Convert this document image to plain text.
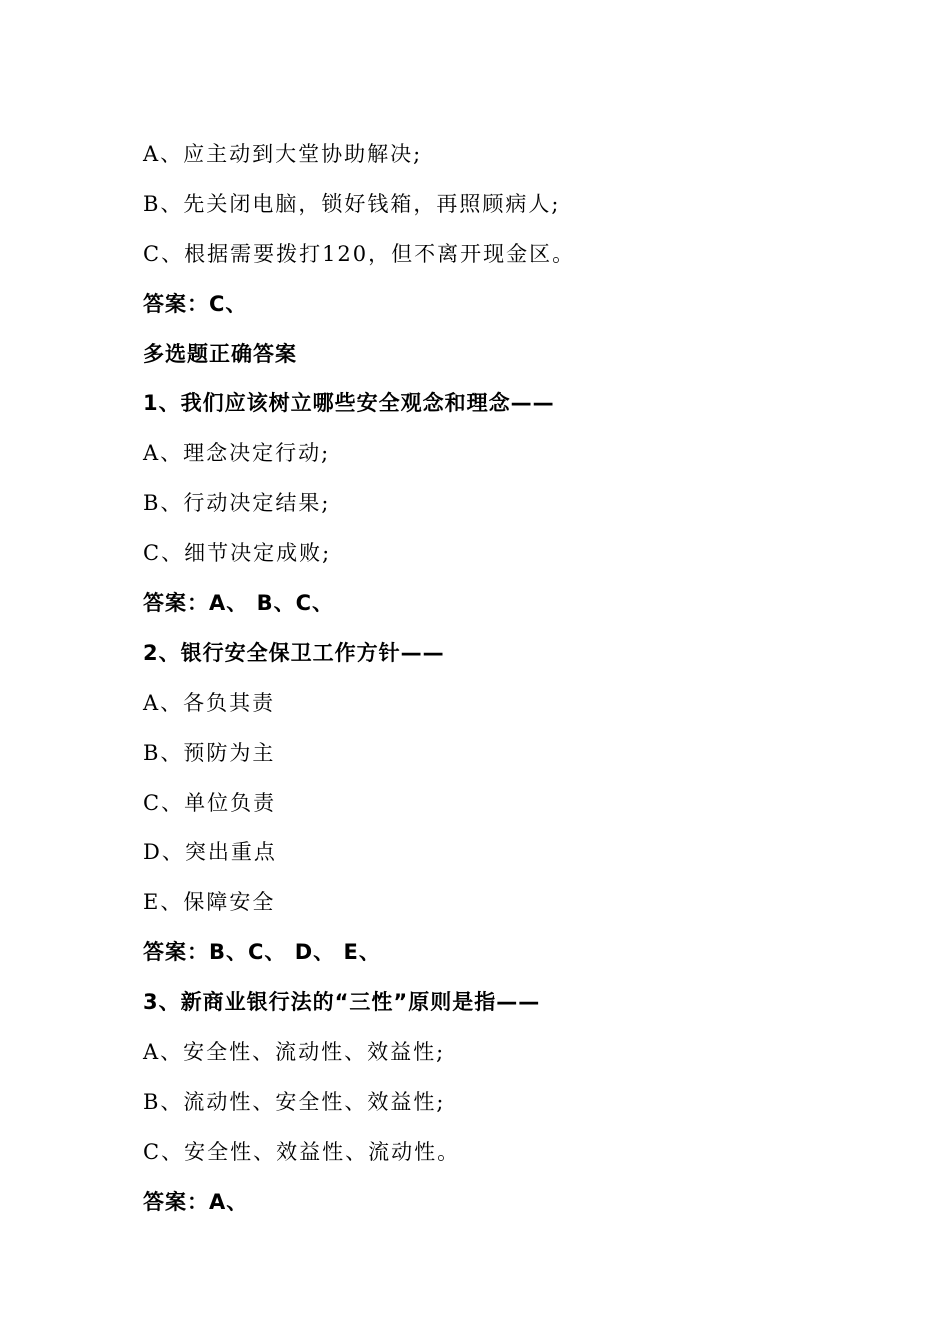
A、应主动到大堂协助解决;
B、先关闭电脑，锁好钱箱，再照顾病人;
C、根据需要拨打120，但不离开现金区。
答案：C、
多选题正确答案
1、我们应该树立哪些安全观念和理念——
A、理念决定行动;
B、行动决定结果;
C、细节决定成败;
答案：A、 B、C、
2、银行安全保卫工作方针——
A、各负其责
B、预防为主
C、单位负责
D、突出重点
E、保障安全
答案：B、C、 D、 E、
3、新商业银行法的“三性”原则是指——
A、安全性、流动性、效益性;
B、流动性、安全性、效益性;
C、安全性、效益性、流动性。
答案：A、
